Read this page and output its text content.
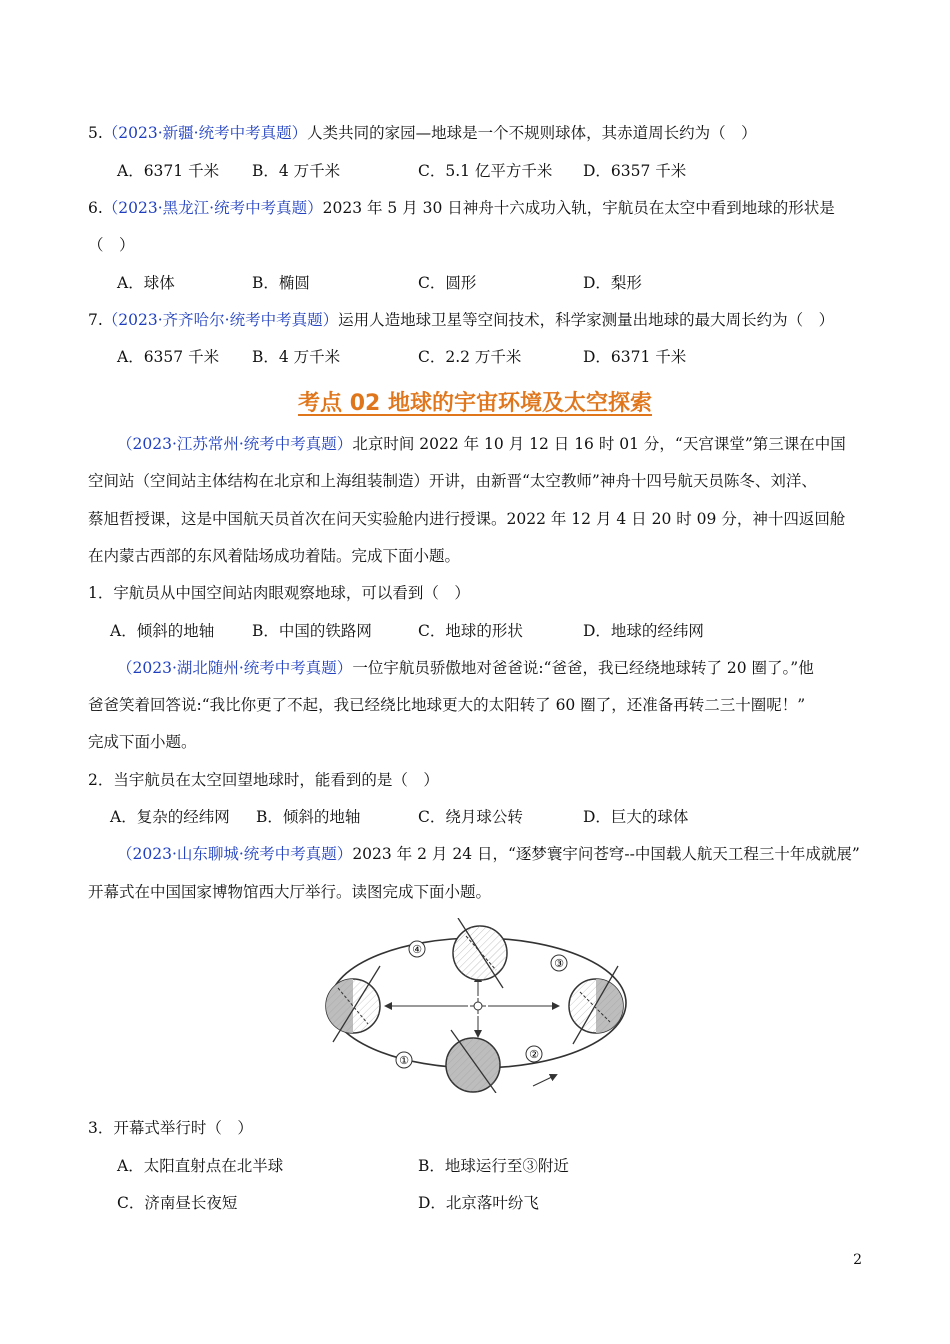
5.（2023·新疆·统考中考真题）人类共同的家园—地球是一个不规则球体，其赤道周长约为（　）
A．6371 千米 B．4 万千米	C．5.1 亿平方千米 D．6357 千米
6.（2023·黑龙江·统考中考真题）2023 年 5 月 30 日神舟十六成功入轨，宇航员在太空中看到地球的形状是
（　）
A．球体	B．椭圆	C．圆形	D．梨形
7.（2023·齐齐哈尔·统考中考真题）运用人造地球卫星等空间技术，科学家测量出地球的最大周长约为（　）
A．6357 千米 B．4 万千米	C．2.2 万千米	D．6371 千米
考点 02 地球的宇宙环境及太空探索
（2023·江苏常州·统考中考真题）北京时间 2022 年 10 月 12 日 16 时 01 分，“天宫课堂”第三课在中国
空间站（空间站主体结构在北京和上海组装制造）开讲，由新晋“太空教师”神舟十四号航天员陈冬、刘洋、
蔡旭哲授课，这是中国航天员首次在问天实验舱内进行授课。2022 年 12 月 4 日 20 时 09 分，神十四返回舱
在内蒙古西部的东风着陆场成功着陆。完成下面小题。
1．宇航员从中国空间站肉眼观察地球，可以看到（　）
A．倾斜的地轴 B．中国的铁路网	C．地球的形状	D．地球的经纬网
（2023·湖北随州·统考中考真题）一位宇航员骄傲地对爸爸说:“爸爸，我已经绕地球转了 20 圈了。”他
爸爸笑着回答说:“我比你更了不起，我已经绕比地球更大的太阳转了 60 圈了，还准备再转二三十圈呢！”
完成下面小题。
2．当宇航员在太空回望地球时，能看到的是（　）
A．复杂的经纬网 B．倾斜的地轴	C．绕月球公转	D．巨大的球体
（2023·山东聊城·统考中考真题）2023 年 2 月 24 日，“逐梦寰宇问苍穹--中国载人航天工程三十年成就展”
开幕式在中国国家博物馆西大厅举行。读图完成下面小题。
①	②
③
④
3．开幕式举行时（　）
A．太阳直射点在北半球	B．地球运行至③附近
C．济南昼长夜短	D．北京落叶纷飞
2
